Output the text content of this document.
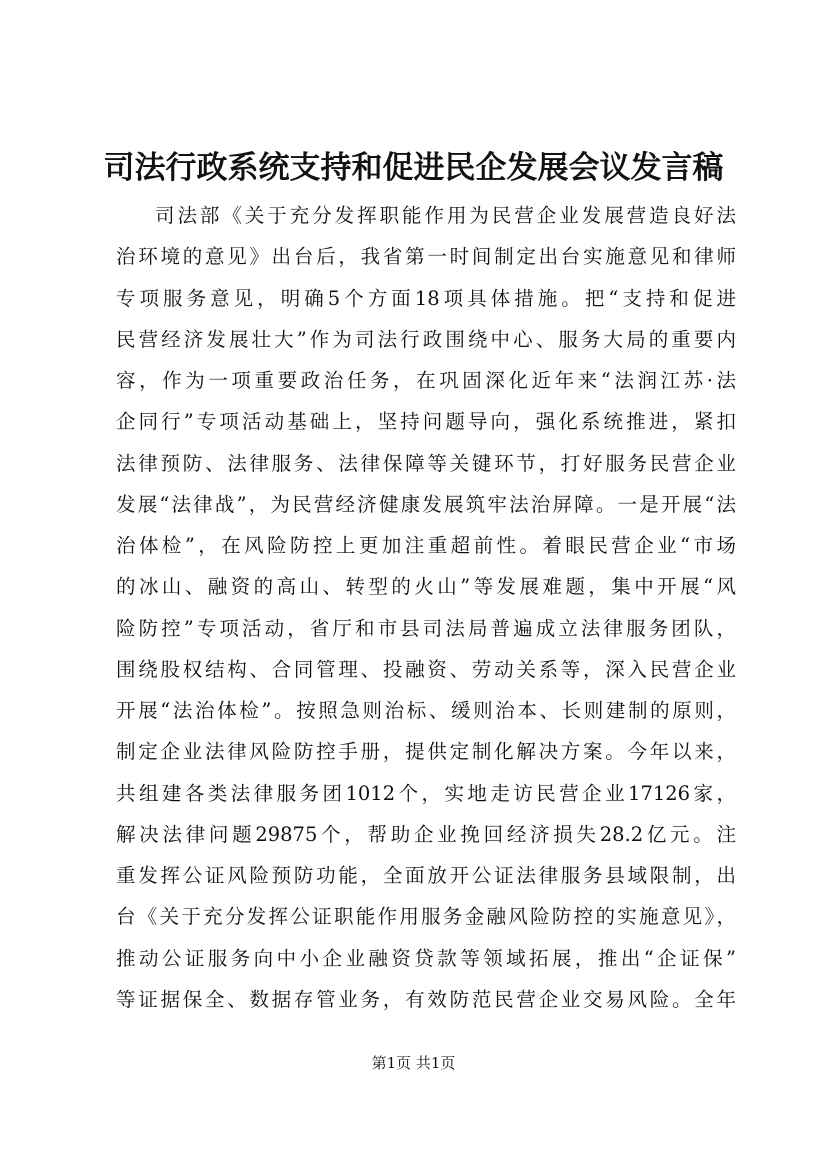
司法行政系统支持和促进民企发展会议发言稿
司法部《关于充分发挥职能作用为民营企业发展营造良好法
治环境的意见》出台后，我省第一时间制定出台实施意见和律师
专项服务意见，明确5个方面18项具体措施。把“支持和促进
民营经济发展壮大”作为司法行政围绕中心、服务大局的重要内
容，作为一项重要政治任务，在巩固深化近年来“法润江苏·法
企同行”专项活动基础上，坚持问题导向，强化系统推进，紧扣
法律预防、法律服务、法律保障等关键环节，打好服务民营企业
发展“法律战”，为民营经济健康发展筑牢法治屏障。一是开展“法
治体检”，在风险防控上更加注重超前性。着眼民营企业“市场
的冰山、融资的高山、转型的火山”等发展难题，集中开展“风
险防控”专项活动，省厅和市县司法局普遍成立法律服务团队，
围绕股权结构、合同管理、投融资、劳动关系等，深入民营企业
开展“法治体检”。按照急则治标、缓则治本、长则建制的原则，
制定企业法律风险防控手册，提供定制化解决方案。今年以来，
共组建各类法律服务团1012个，实地走访民营企业17126家，
解决法律问题29875个，帮助企业挽回经济损失28.2亿元。注
重发挥公证风险预防功能，全面放开公证法律服务县域限制，出
台《关于充分发挥公证职能作用服务金融风险防控的实施意见》，
推动公证服务向中小企业融资贷款等领域拓展，推出“企证保”
等证据保全、数据存管业务，有效防范民营企业交易风险。全年
第1页 共1页
